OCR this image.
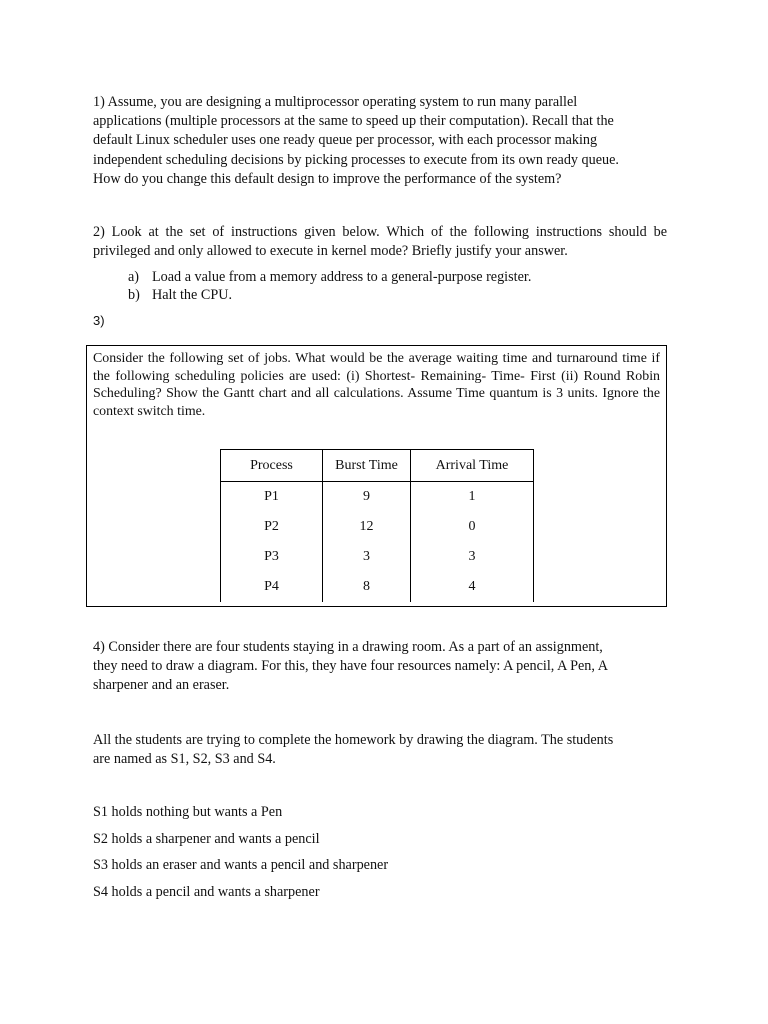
1) Assume, you are designing a multiprocessor operating system to run many parallel
applications (multiple processors at the same to speed up their computation). Recall that the
default Linux scheduler uses one ready queue per processor, with each processor making
independent scheduling decisions by picking processes to execute from its own ready queue.
How do you change this default design to improve the performance of the system?
2) Look at the set of instructions given below. Which of the following instructions should be privileged and only allowed to execute in kernel mode? Briefly justify your answer.
a) Load a value from a memory address to a general-purpose register.
b) Halt the CPU.
3)
Consider the following set of jobs. What would be the average waiting time and turnaround time if the following scheduling policies are used: (i) Shortest- Remaining- Time- First (ii) Round Robin Scheduling? Show the Gantt chart and all calculations. Assume Time quantum is 3 units. Ignore the context switch time.
Process	Burst Time	Arrival Time
P1	9	1
P2	12	0
P3	3	3
P4	8	4
4) Consider there are four students staying in a drawing room. As a part of an assignment,
they need to draw a diagram. For this, they have four resources namely: A pencil, A Pen, A
sharpener and an eraser.
All the students are trying to complete the homework by drawing the diagram. The students
are named as S1, S2, S3 and S4.
S1 holds nothing but wants a Pen
S2 holds a sharpener and wants a pencil
S3 holds an eraser and wants a pencil and sharpener
S4 holds a pencil and wants a sharpener
